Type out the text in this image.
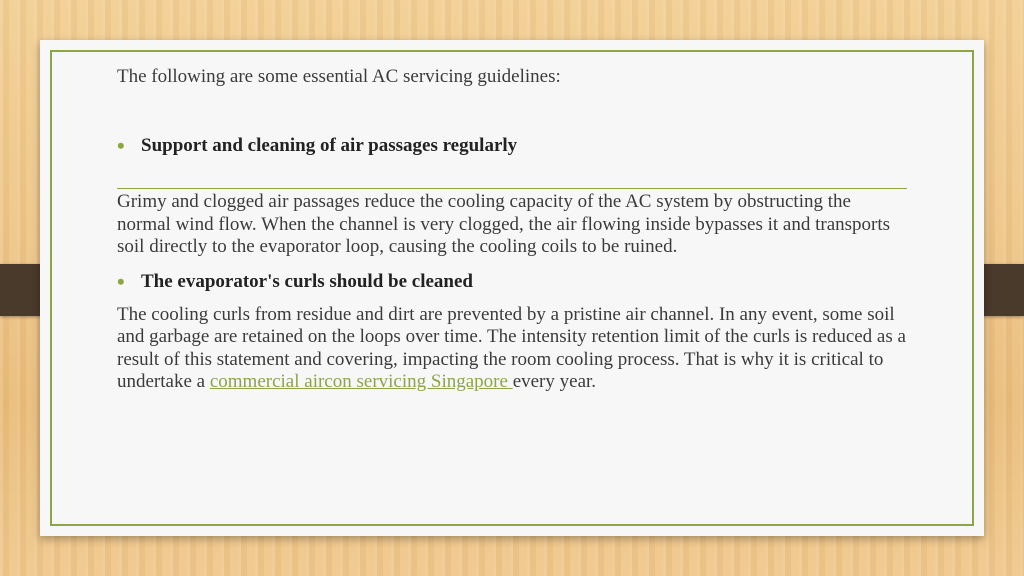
The following are some essential AC servicing guidelines:

• Support and cleaning of air passages regularly

Grimy and clogged air passages reduce the cooling capacity of the AC system by obstructing the normal wind flow. When the channel is very clogged, the air flowing inside bypasses it and transports soil directly to the evaporator loop, causing the cooling coils to be ruined.

• The evaporator's curls should be cleaned

The cooling curls from residue and dirt are prevented by a pristine air channel. In any event, some soil and garbage are retained on the loops over time. The intensity retention limit of the curls is reduced as a result of this statement and covering, impacting the room cooling process. That is why it is critical to undertake a commercial aircon servicing Singapore every year.
